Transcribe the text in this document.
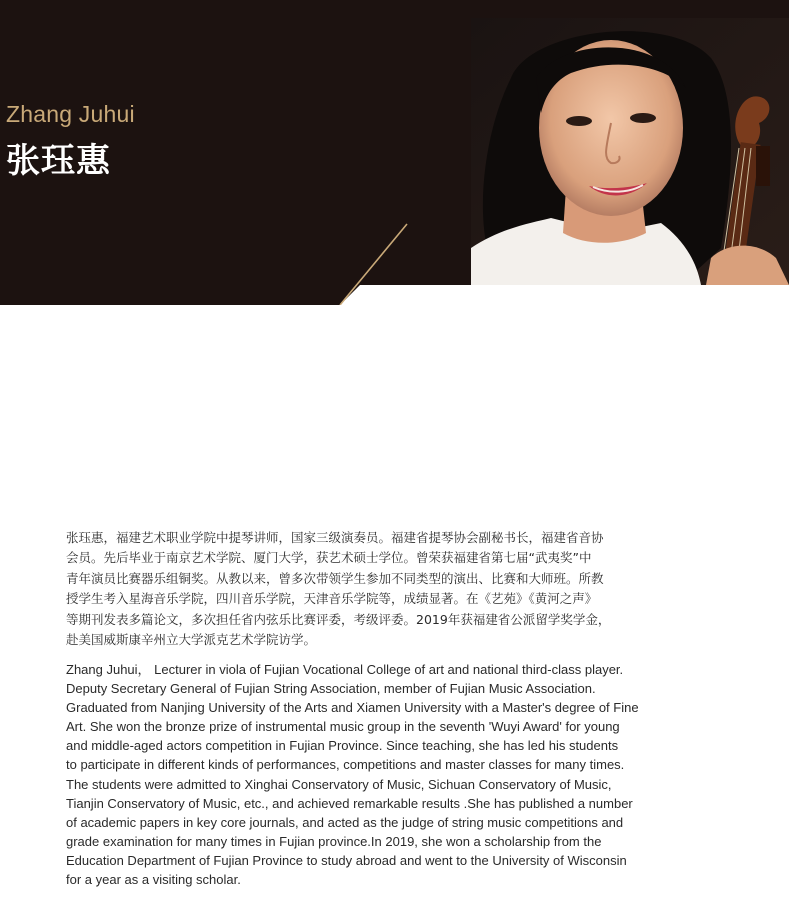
Zhang Juhui
张珏惠
张珏惠，福建艺术职业学院中提琴讲师，国家三级演奏员。福建省提琴协会副秘书长，福建省音协
会员。先后毕业于南京艺术学院、厦门大学，获艺术硕士学位。曾荣获福建省第七届“武夷奖”中
青年演员比赛器乐组铜奖。从教以来，曾多次带领学生参加不同类型的演出、比赛和大师班。所教
授学生考入星海音乐学院，四川音乐学院，天津音乐学院等，成绩显著。在《艺苑》《黄河之声》
等期刊发表多篇论文，多次担任省内弦乐比赛评委，考级评委。2019年获福建省公派留学奖学金，
赴美国威斯康辛州立大学派克艺术学院访学。
Zhang Juhui， Lecturer in viola of Fujian Vocational College of art and national third-class player.
Deputy Secretary General of Fujian String Association, member of Fujian Music Association.
Graduated from Nanjing University of the Arts and Xiamen University with a Master's degree of Fine
Art. She won the bronze prize of instrumental music group in the seventh 'Wuyi Award' for young
and middle-aged actors competition in Fujian Province. Since teaching, she has led his students
to participate in different kinds of performances, competitions and master classes for many times.
The students were admitted to Xinghai Conservatory of Music, Sichuan Conservatory of Music,
Tianjin Conservatory of Music, etc., and achieved remarkable results .She has published a number
of academic papers in key core journals, and acted as the judge of string music competitions and
grade examination for many times in Fujian province.In 2019, she won a scholarship from the
Education Department of Fujian Province to study abroad and went to the University of Wisconsin
for a year as a visiting scholar.
